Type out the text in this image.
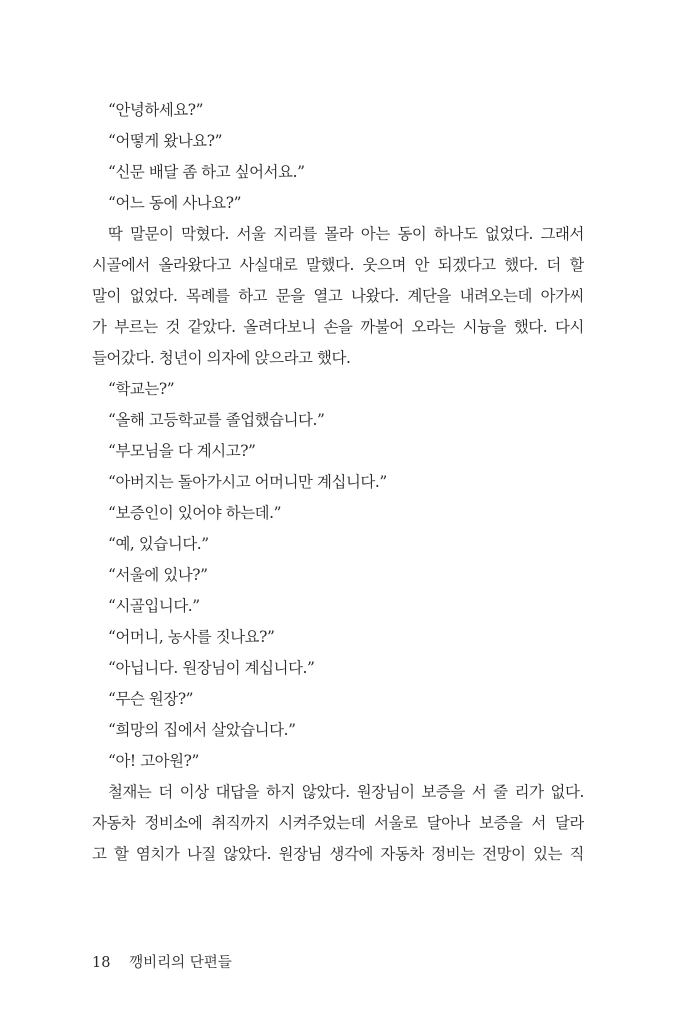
“안녕하세요?”
“어떻게 왔나요?”
“신문 배달 좀 하고 싶어서요.”
“어느 동에 사나요?”
딱 말문이 막혔다. 서울 지리를 몰라 아는 동이 하나도 없었다. 그래서
시골에서 올라왔다고 사실대로 말했다. 웃으며 안 되겠다고 했다. 더 할
말이 없었다. 목례를 하고 문을 열고 나왔다. 계단을 내려오는데 아가씨
가 부르는 것 같았다. 올려다보니 손을 까불어 오라는 시늉을 했다. 다시
들어갔다. 청년이 의자에 앉으라고 했다.
“학교는?”
“올해 고등학교를 졸업했습니다.”
“부모님을 다 계시고?”
“아버지는 돌아가시고 어머니만 계십니다.”
“보증인이 있어야 하는데.”
“예, 있습니다.”
“서울에 있나?”
“시골입니다.”
“어머니, 농사를 짓나요?”
“아닙니다. 원장님이 계십니다.”
“무슨 원장?”
“희망의 집에서 살았습니다.”
“아! 고아원?”
철재는 더 이상 대답을 하지 않았다. 원장님이 보증을 서 줄 리가 없다.
자동차 정비소에 취직까지 시켜주었는데 서울로 달아나 보증을 서 달라
고 할 염치가 나질 않았다. 원장님 생각에 자동차 정비는 전망이 있는 직
18 깽비리의 단편들
